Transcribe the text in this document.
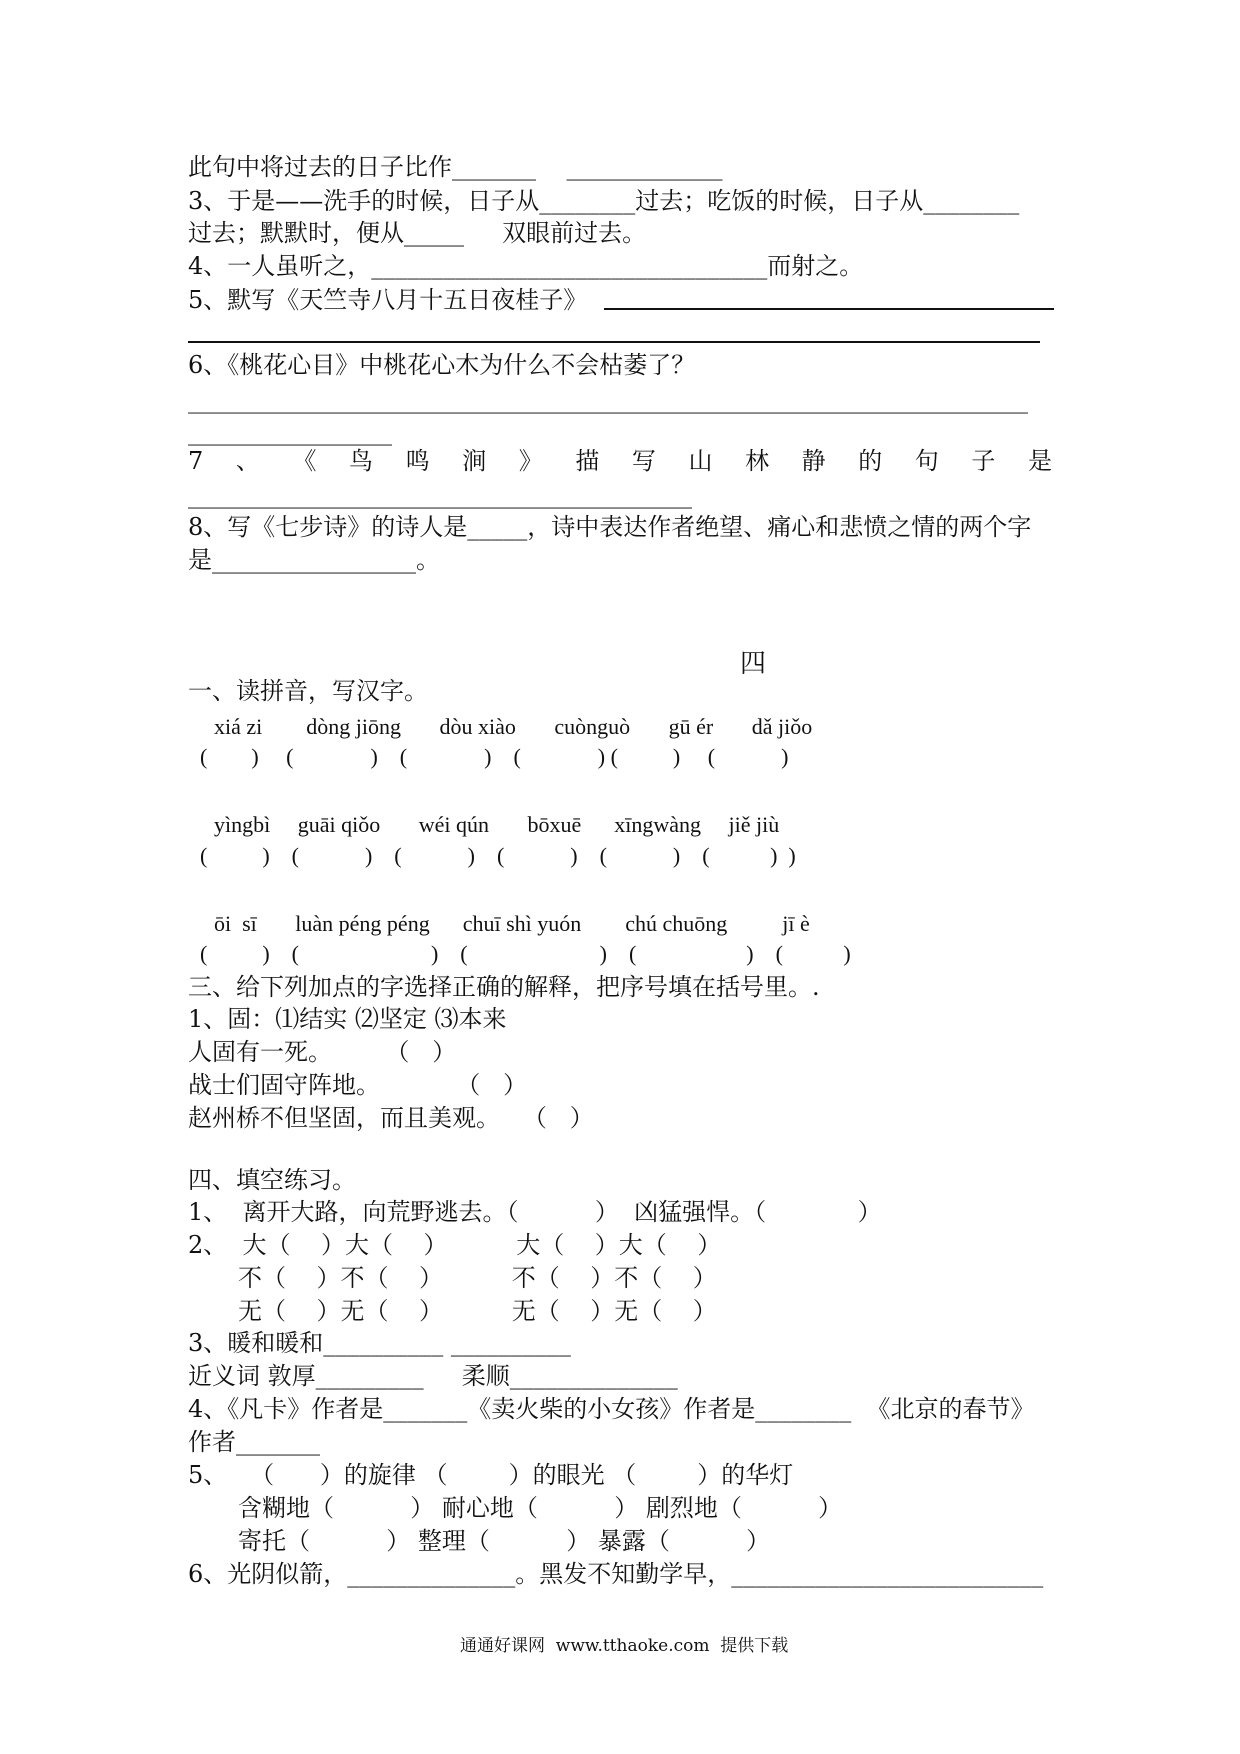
此句中将过去的日子比作_______    _____________
3、于是——洗手的时候，日子从________过去；吃饭的时候，日子从________
过去；默默时，便从_____     双眼前过去。
4、一人虽听之，_________________________________而射之。
5、默写《天竺寺八月十五日夜桂子》
6、《桃花心目》中桃花心木为什么不会枯萎了？
______________________________________________________________________
_________________
7 、 《 鸟 鸣 涧 》 描 写 山 林 静 的 句 子 是
__________________________________________
8、写《七步诗》的诗人是_____，诗中表达作者绝望、痛心和悲愤之情的两个字
是_________________。
四
一、读拼音，写汉字。
xiá zi        dòng jiōng       dòu xiào       cuònguò       gū ér       dǎ jiǒo
(        )     (              )    (              )    (              ) (          )     (            )
yìngbì     guāi qiǒo       wéi qún       bōxuē      xīngwàng     jiě jiù
(          )    (            )    (            )    (            )    (            )    (           )  )
ōi  sī       luàn péng péng      chuī shì yuón        chú chuōng          jī è
(          )    (                        )    (                        )    (                    )    (           )
三、给下列加点的字选择正确的解释，把序号填在括号里。.
1、固：⑴结实 ⑵坚定 ⑶本来
人固有一死。       （   ）
战士们固守阵地。          （   ）
赵州桥不但坚固，而且美观。   （   ）
四、填空练习。
1、  离开大路，向荒野逃去。（          ）  凶猛强悍。（            ）
2、  大（    ）大（    ）         大（    ）大（    ）
不（    ）不（    ）         不（    ）不（    ）
无（    ）无（    ）         无（    ）无（    ）
3、暖和暖和__________ __________
近义词 敦厚_________     柔顺______________
4、《凡卡》作者是_______《卖火柴的小女孩》作者是________  《北京的春节》
作者_______
5、   （      ）的旋律 （        ）的眼光 （        ）的华灯
含糊地（          ） 耐心地（          ） 剧烈地（          ）
寄托（          ） 整理（          ） 暴露（          ）
6、光阴似箭，______________。黑发不知勤学早，__________________________
通通好课网  www.tthaoke.com  提供下载
